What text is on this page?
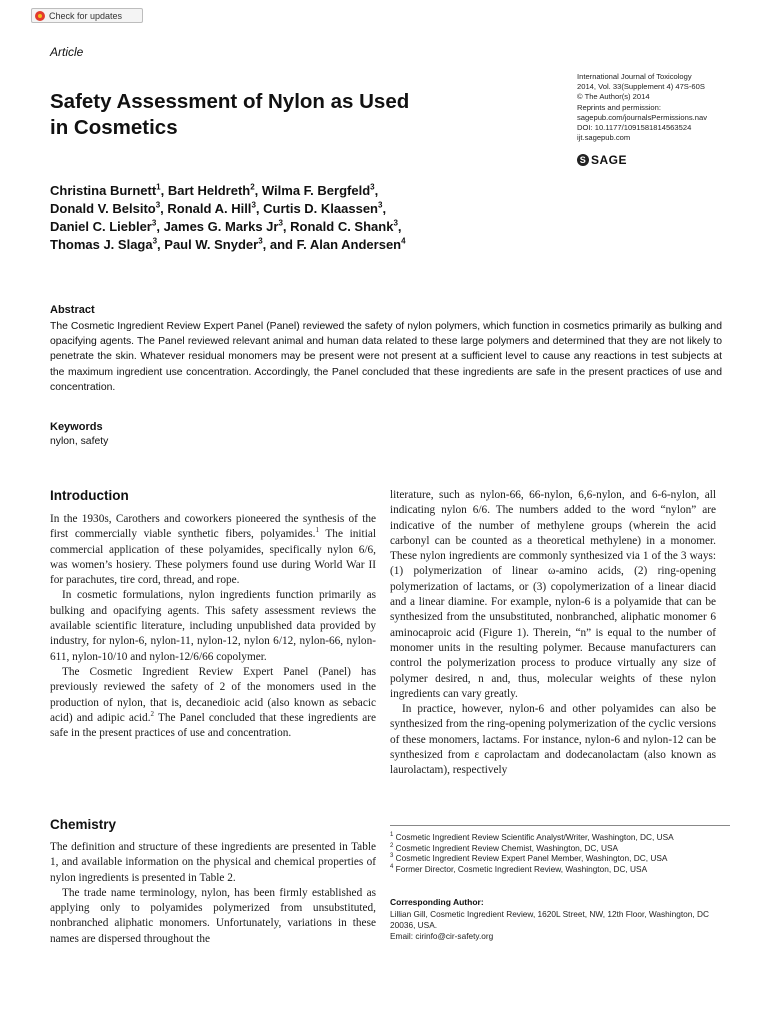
Check for updates
Article
Safety Assessment of Nylon as Used in Cosmetics
International Journal of Toxicology
2014, Vol. 33(Supplement 4) 47S-60S
© The Author(s) 2014
Reprints and permission:
sagepub.com/journalsPermissions.nav
DOI: 10.1177/1091581814563524
ijt.sagepub.com
S SAGE

Christina Burnett$^1$, Bart Heldreth$^2$, Wilma F. Bergfeld$^3$,

Donald V. Belsito$^3$, Ronald A. Hill$^3$, Curtis D. Klaassen$^3$,

Daniel C. Liebler$^3$, James G. Marks Jr$^3$, Ronald C. Shank$^3$,

Thomas J. Slaga$^3$, Paul W. Snyder$^3$, and F. Alan Andersen$^4$

Abstract
The Cosmetic Ingredient Review Expert Panel (Panel) reviewed the safety of nylon polymers, which function in cosmetics primarily as bulking and opacifying agents. The Panel reviewed relevant animal and human data related to these large polymers and determined that they are not likely to penetrate the skin. Whatever residual monomers may be present were not present at a sufficient level to cause any reactions in test subjects at the maximum ingredient use concentration. Accordingly, the Panel concluded that these ingredients are safe in the present practices of use and concentration.
Keywords
nylon, safety
Introduction

In the 1930s, Carothers and coworkers pioneered the synthesis of the first commercially viable synthetic fibers, polyamides.$^1$ The initial commercial application of these polyamides, specifically nylon 6/6, was women’s hosiery. These polymers found use during World War II for parachutes, tire cord, thread, and rope.

In cosmetic formulations, nylon ingredients function primarily as bulking and opacifying agents. This safety assessment reviews the available scientific literature, including unpublished data provided by industry, for nylon-6, nylon-11, nylon-12, nylon 6/12, nylon-66, nylon-611, nylon-10/10 and nylon-12/6/66 copolymer.

The Cosmetic Ingredient Review Expert Panel (Panel) has previously reviewed the safety of 2 of the monomers used in the production of nylon, that is, decanedioic acid (also known as sebacic acid) and adipic acid.$^2$ The Panel concluded that these ingredients are safe in the present practices of use and concentration.

Chemistry

The definition and structure of these ingredients are presented in Table 1, and available information on the physical and chemical properties of nylon ingredients is presented in Table 2.

The trade name terminology, nylon, has been firmly established as applying only to polyamides polymerized from unsubstituted, nonbranched aliphatic monomers. Unfortunately, variations in these names are dispersed throughout the

literature, such as nylon-66, 66-nylon, 6,6-nylon, and 6-6-nylon, all indicating nylon 6/6. The numbers added to the word “nylon” are indicative of the number of methylene groups (wherein the acid carbonyl can be counted as a theoretical methylene) in a monomer. These nylon ingredients are commonly synthesized via 1 of the 3 ways: (1) polymerization of linear ω-amino acids, (2) ring-opening polymerization of lactams, or (3) copolymerization of a linear diacid and a linear diamine. For example, nylon-6 is a polyamide that can be synthesized from the unsubstituted, nonbranched, aliphatic monomer 6 aminocaproic acid (Figure 1). Therein, “n” is equal to the number of monomer units in the resulting polymer. Because manufacturers can control the polymerization process to produce virtually any size of polymer desired, n and, thus, molecular weights of these nylon ingredients can vary greatly.

In practice, however, nylon-6 and other polyamides can also be synthesized from the ring-opening polymerization of the cyclic versions of these monomers, lactams. For instance, nylon-6 and nylon-12 can be synthesized from ε caprolactam and dodecanolactam (also known as laurolactam), respectively

$^1$ Cosmetic Ingredient Review Scientific Analyst/Writer, Washington, DC, USA

$^2$ Cosmetic Ingredient Review Chemist, Washington, DC, USA

$^3$ Cosmetic Ingredient Review Expert Panel Member, Washington, DC, USA

$^4$ Former Director, Cosmetic Ingredient Review, Washington, DC, USA

Corresponding Author:

Lillian Gill, Cosmetic Ingredient Review, 1620L Street, NW, 12th Floor, Washington, DC 20036, USA.

Email: cirinfo@cir-safety.org
